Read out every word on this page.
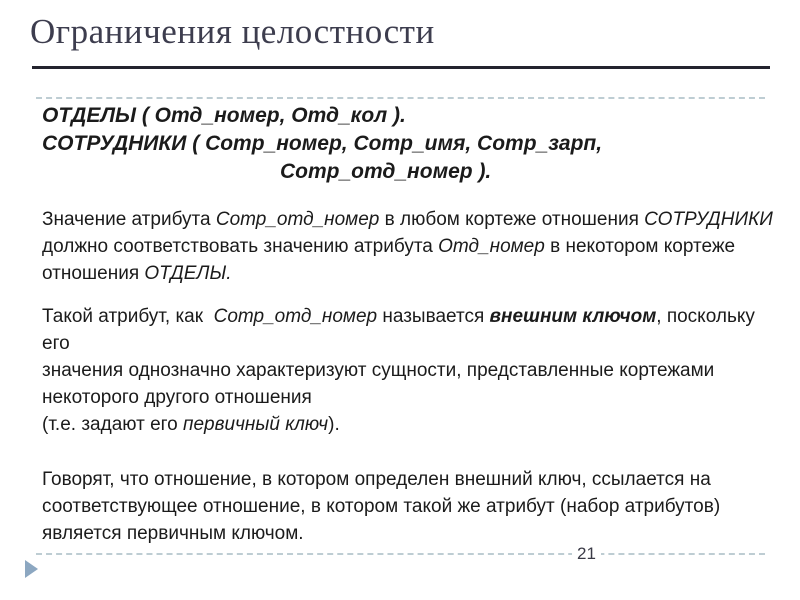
Ограничения целостности
ОТДЕЛЫ ( Отд_номер, Отд_кол ).
СОТРУДНИКИ ( Сотр_номер, Сотр_имя, Сотр_зарп,
Сотр_отд_номер ).

Значение атрибута Сотр_отд_номер в любом кортеже отношения СОТРУДНИКИ
должно соответствовать значению атрибута Отд_номер в некотором кортеже
отношения ОТДЕЛЫ.

Такой атрибут, как  Сотр_отд_номер называется внешним ключом, поскольку его
значения однозначно характеризуют сущности, представленные кортежами
некоторого другого отношения
(т.е. задают его первичный ключ).

Говорят, что отношение, в котором определен внешний ключ, ссылается на
соответствующее отношение, в котором такой же атрибут (набор атрибутов)
является первичным ключом.

21
